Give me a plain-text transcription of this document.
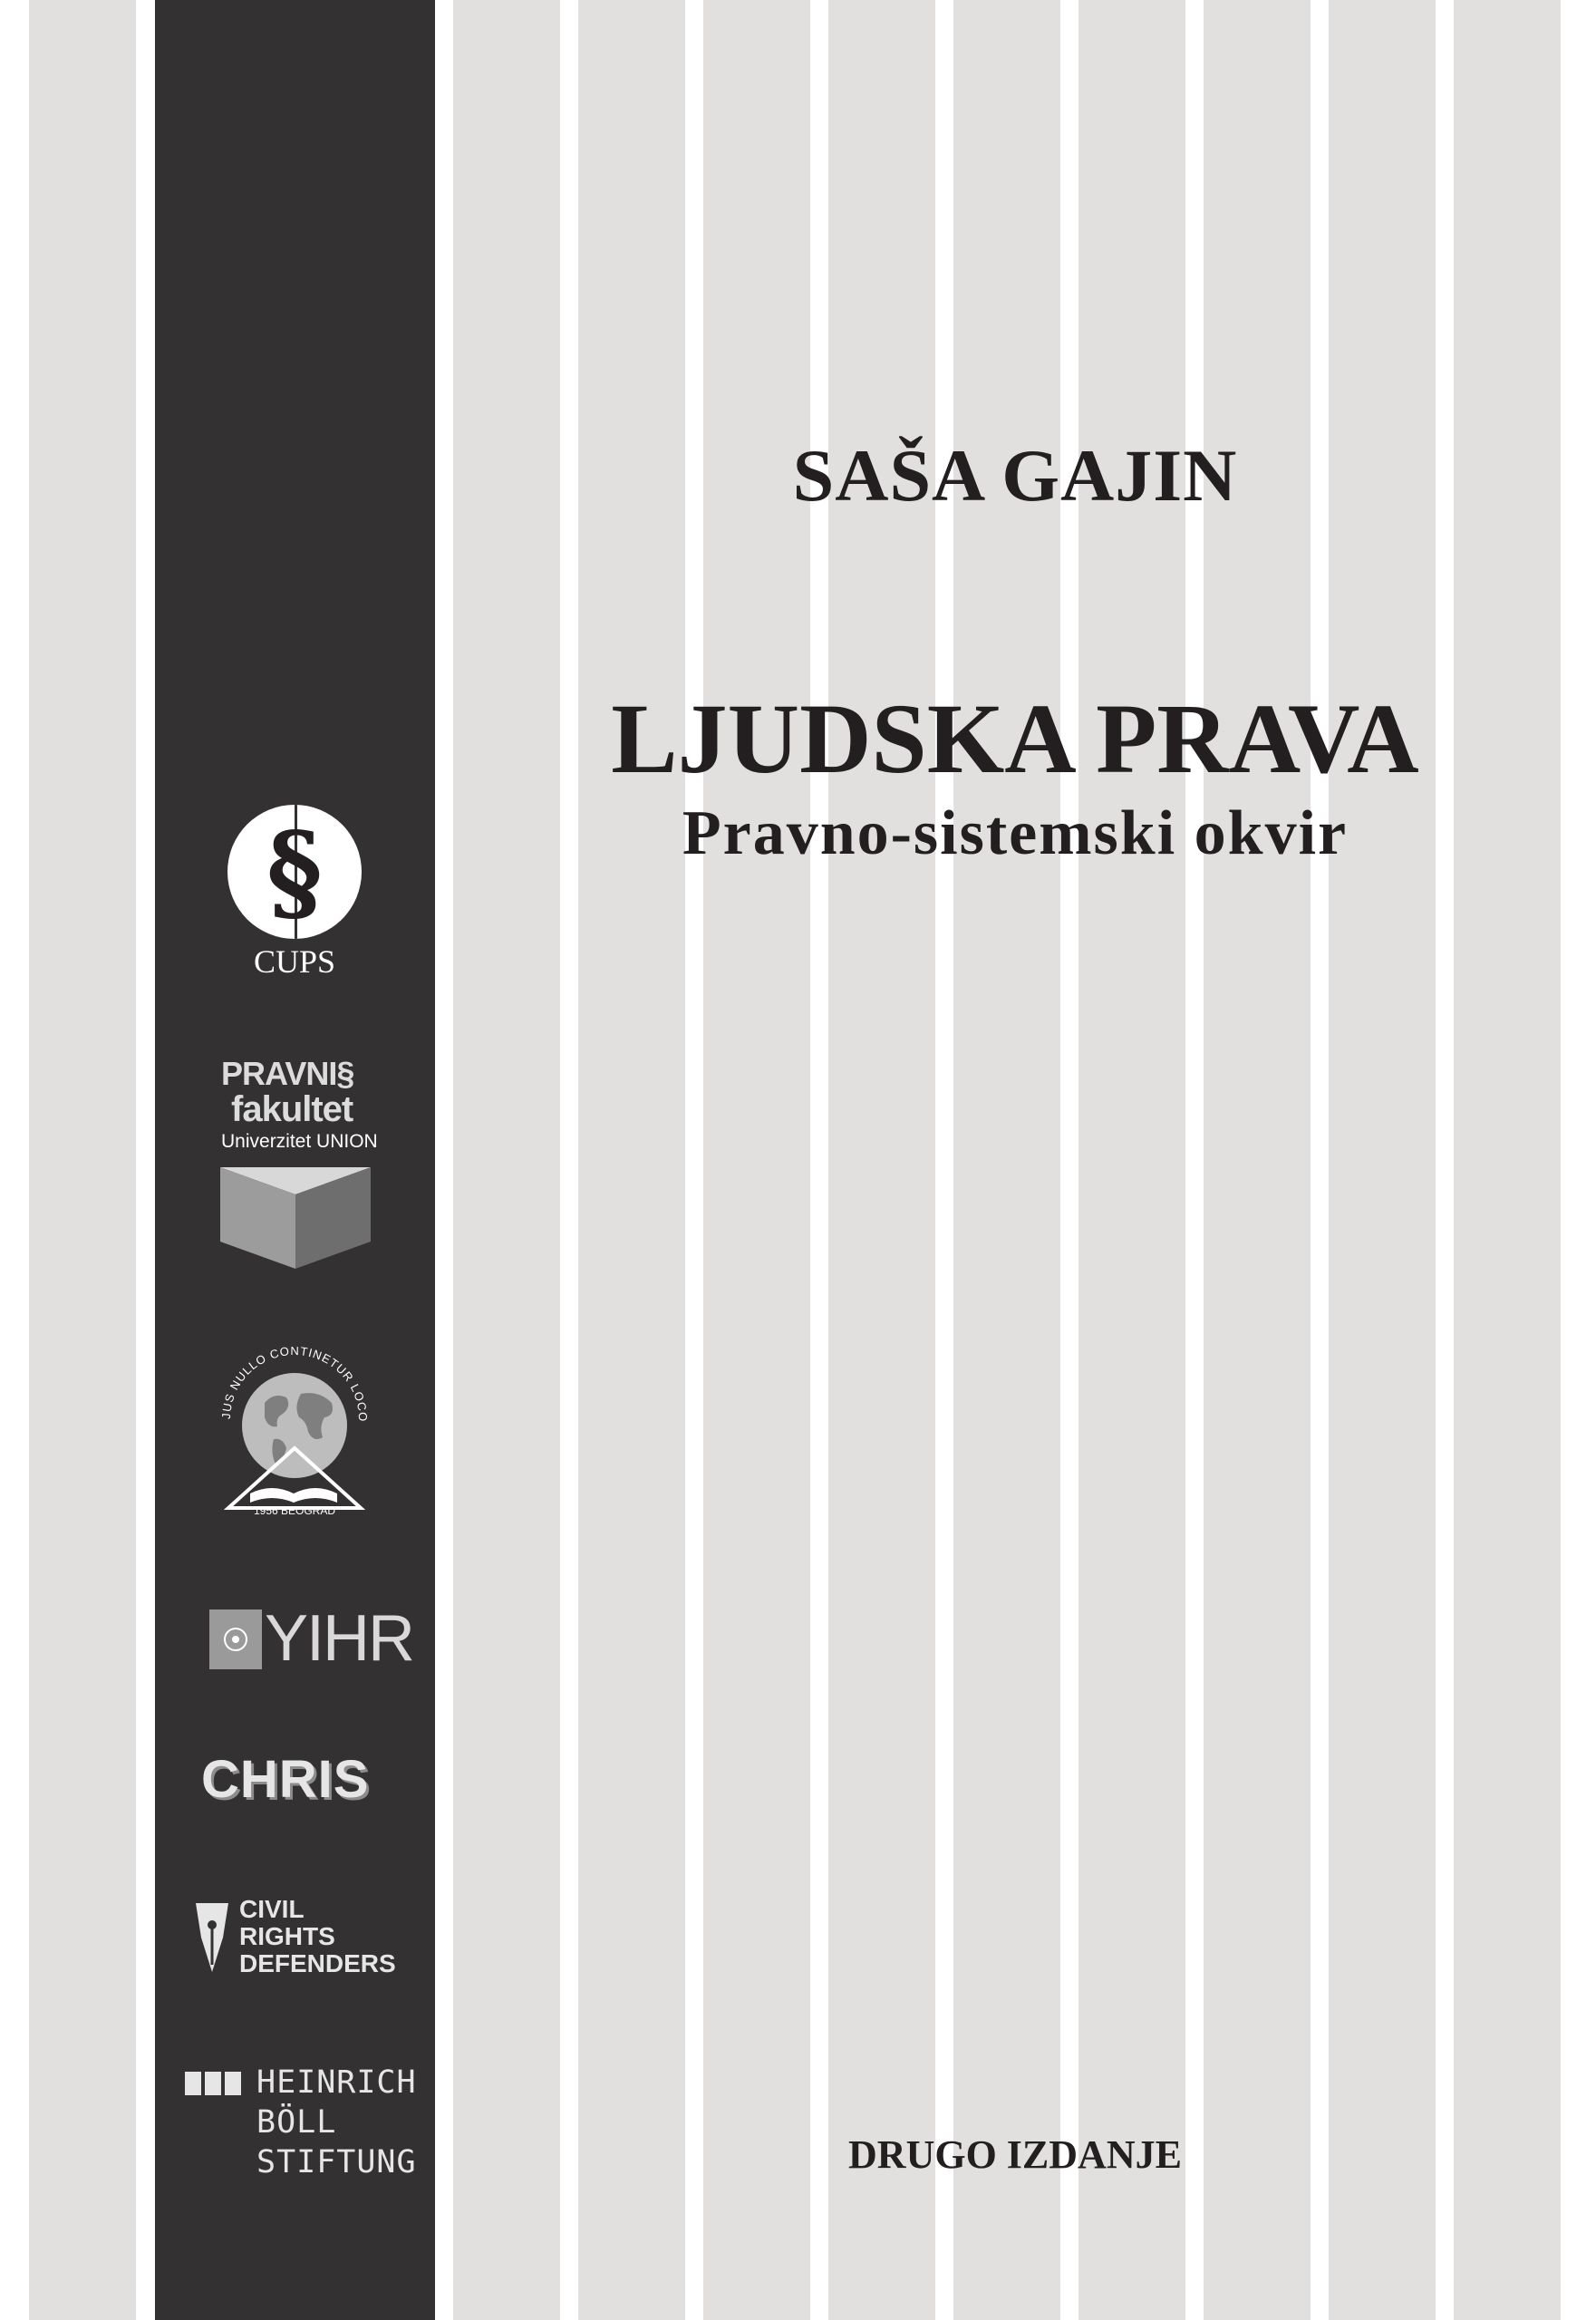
SAŠA GAJIN
LJUDSKA PRAVA
Pravno-sistemski okvir
DRUGO IZDANJE
§
CUPS
PRAVNI§
fakultet
Univerzitet UNION
JUS NULLO CONTINETUR LOCO
1956 BEOGRAD
YIHR
CHRIS
CIVIL
RIGHTS
DEFENDERS
HEINRICH
BÖLL
STIFTUNG
